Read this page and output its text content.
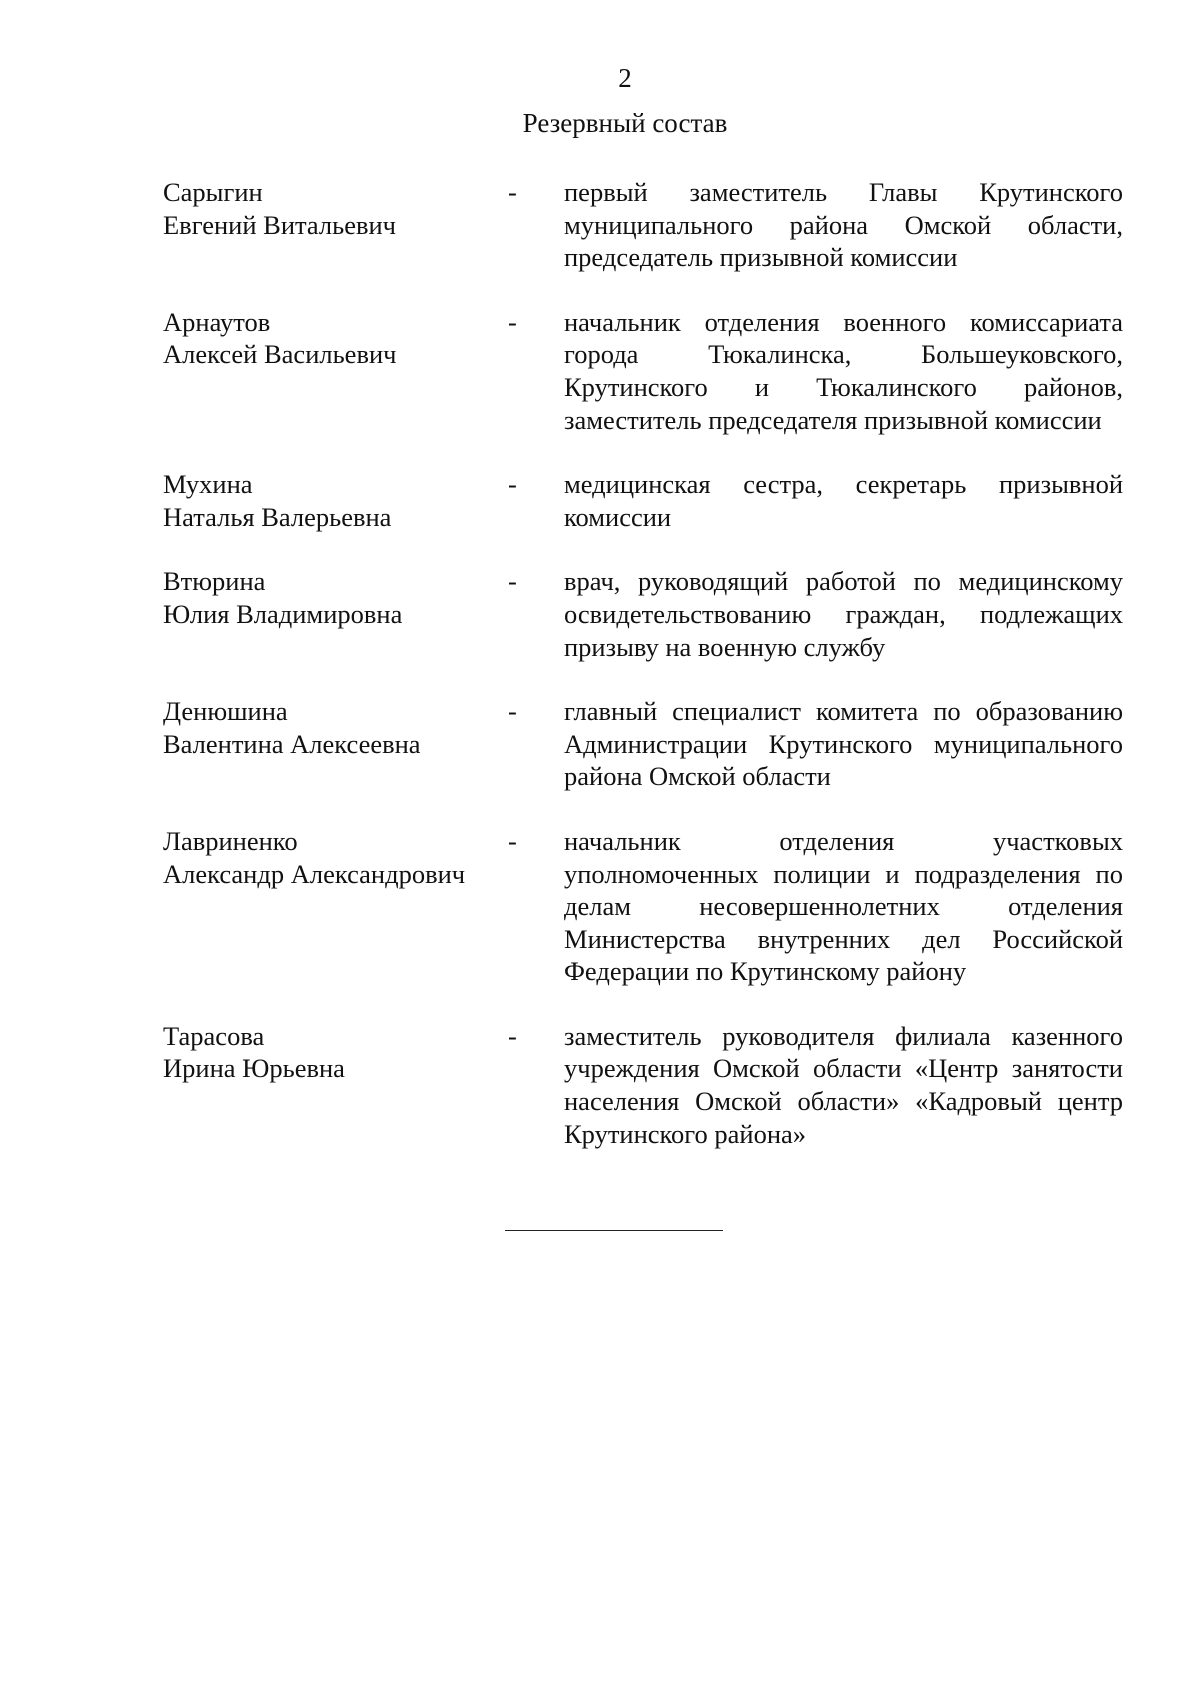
2
Резервный состав
Сарыгин
Евгений Витальевич
-	первый заместитель Главы Крутинского муниципального района Омской области, председатель призывной комиссии
Арнаутов
Алексей Васильевич
-	начальник отделения военного комиссариата города Тюкалинска, Большеуковского, Крутинского и Тюкалинского районов, заместитель председателя призывной комиссии
Мухина
Наталья Валерьевна
-	медицинская сестра, секретарь призывной комиссии
Втюрина
Юлия Владимировна
-	врач, руководящий работой по медицинскому освидетельствованию граждан, подлежащих призыву на военную службу
Денюшина
Валентина Алексеевна
-	главный специалист комитета по образованию Администрации Крутинского муниципального района Омской области
Лавриненко
Александр Александрович
-	начальник отделения участковых уполномоченных полиции и подразделения по делам несовершеннолетних отделения Министерства внутренних дел Российской Федерации по Крутинскому району
Тарасова
Ирина Юрьевна
-	заместитель руководителя филиала казенного учреждения Омской области «Центр занятости населения Омской области» «Кадровый центр Крутинского района»
